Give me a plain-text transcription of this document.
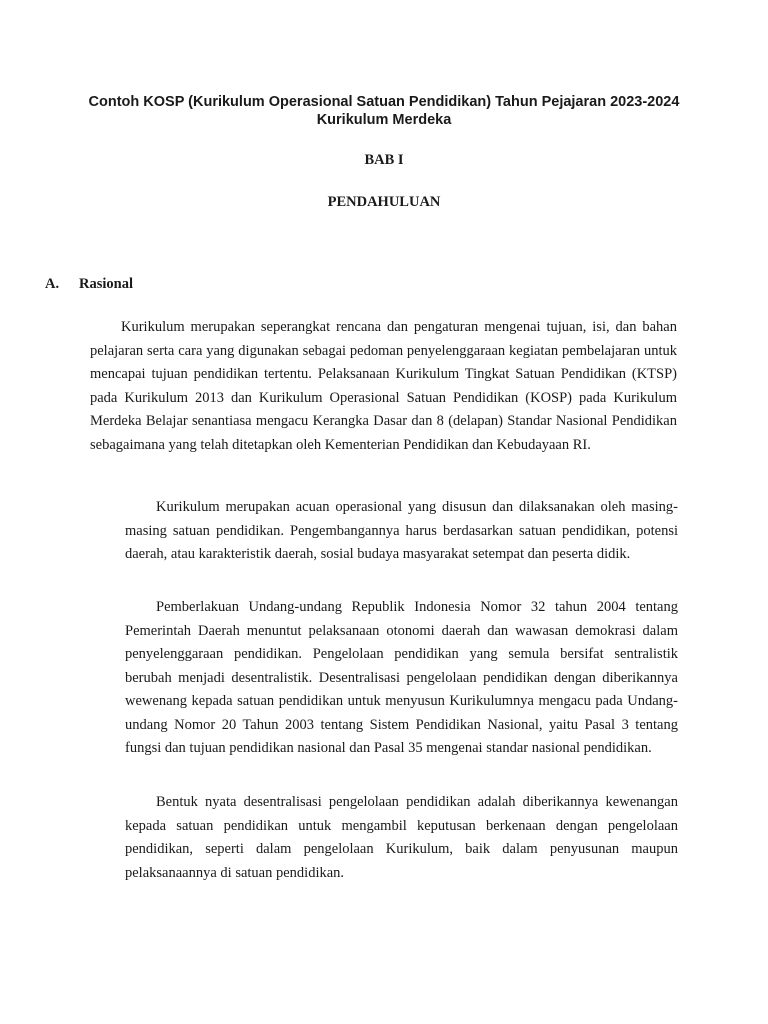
Contoh KOSP (Kurikulum Operasional Satuan Pendidikan) Tahun Pejajaran 2023-2024 Kurikulum Merdeka

BAB I

PENDAHULUAN

A. Rasional

Kurikulum merupakan seperangkat rencana dan pengaturan mengenai tujuan, isi, dan bahan pelajaran serta cara yang digunakan sebagai pedoman penyelenggaraan kegiatan pembelajaran untuk mencapai tujuan pendidikan tertentu. Pelaksanaan Kurikulum Tingkat Satuan Pendidikan (KTSP) pada Kurikulum 2013 dan Kurikulum Operasional Satuan Pendidikan (KOSP) pada Kurikulum Merdeka Belajar senantiasa mengacu Kerangka Dasar dan 8 (delapan) Standar Nasional Pendidikan sebagaimana yang telah ditetapkan oleh Kementerian Pendidikan dan Kebudayaan RI.

Kurikulum merupakan acuan operasional yang disusun dan dilaksanakan oleh masing-masing satuan pendidikan. Pengembangannya harus berdasarkan satuan pendidikan, potensi daerah, atau karakteristik daerah, sosial budaya masyarakat setempat dan peserta didik.

Pemberlakuan Undang-undang Republik Indonesia Nomor 32 tahun 2004 tentang Pemerintah Daerah menuntut pelaksanaan otonomi daerah dan wawasan demokrasi dalam penyelenggaraan pendidikan. Pengelolaan pendidikan yang semula bersifat sentralistik berubah menjadi desentralistik. Desentralisasi pengelolaan pendidikan dengan diberikannya wewenang kepada satuan pendidikan untuk menyusun Kurikulumnya mengacu pada Undang-undang Nomor 20 Tahun 2003 tentang Sistem Pendidikan Nasional, yaitu Pasal 3 tentang fungsi dan tujuan pendidikan nasional dan Pasal 35 mengenai standar nasional pendidikan.

Bentuk nyata desentralisasi pengelolaan pendidikan adalah diberikannya kewenangan kepada satuan pendidikan untuk mengambil keputusan berkenaan dengan pengelolaan pendidikan, seperti dalam pengelolaan Kurikulum, baik dalam penyusunan maupun pelaksanaannya di satuan pendidikan.
